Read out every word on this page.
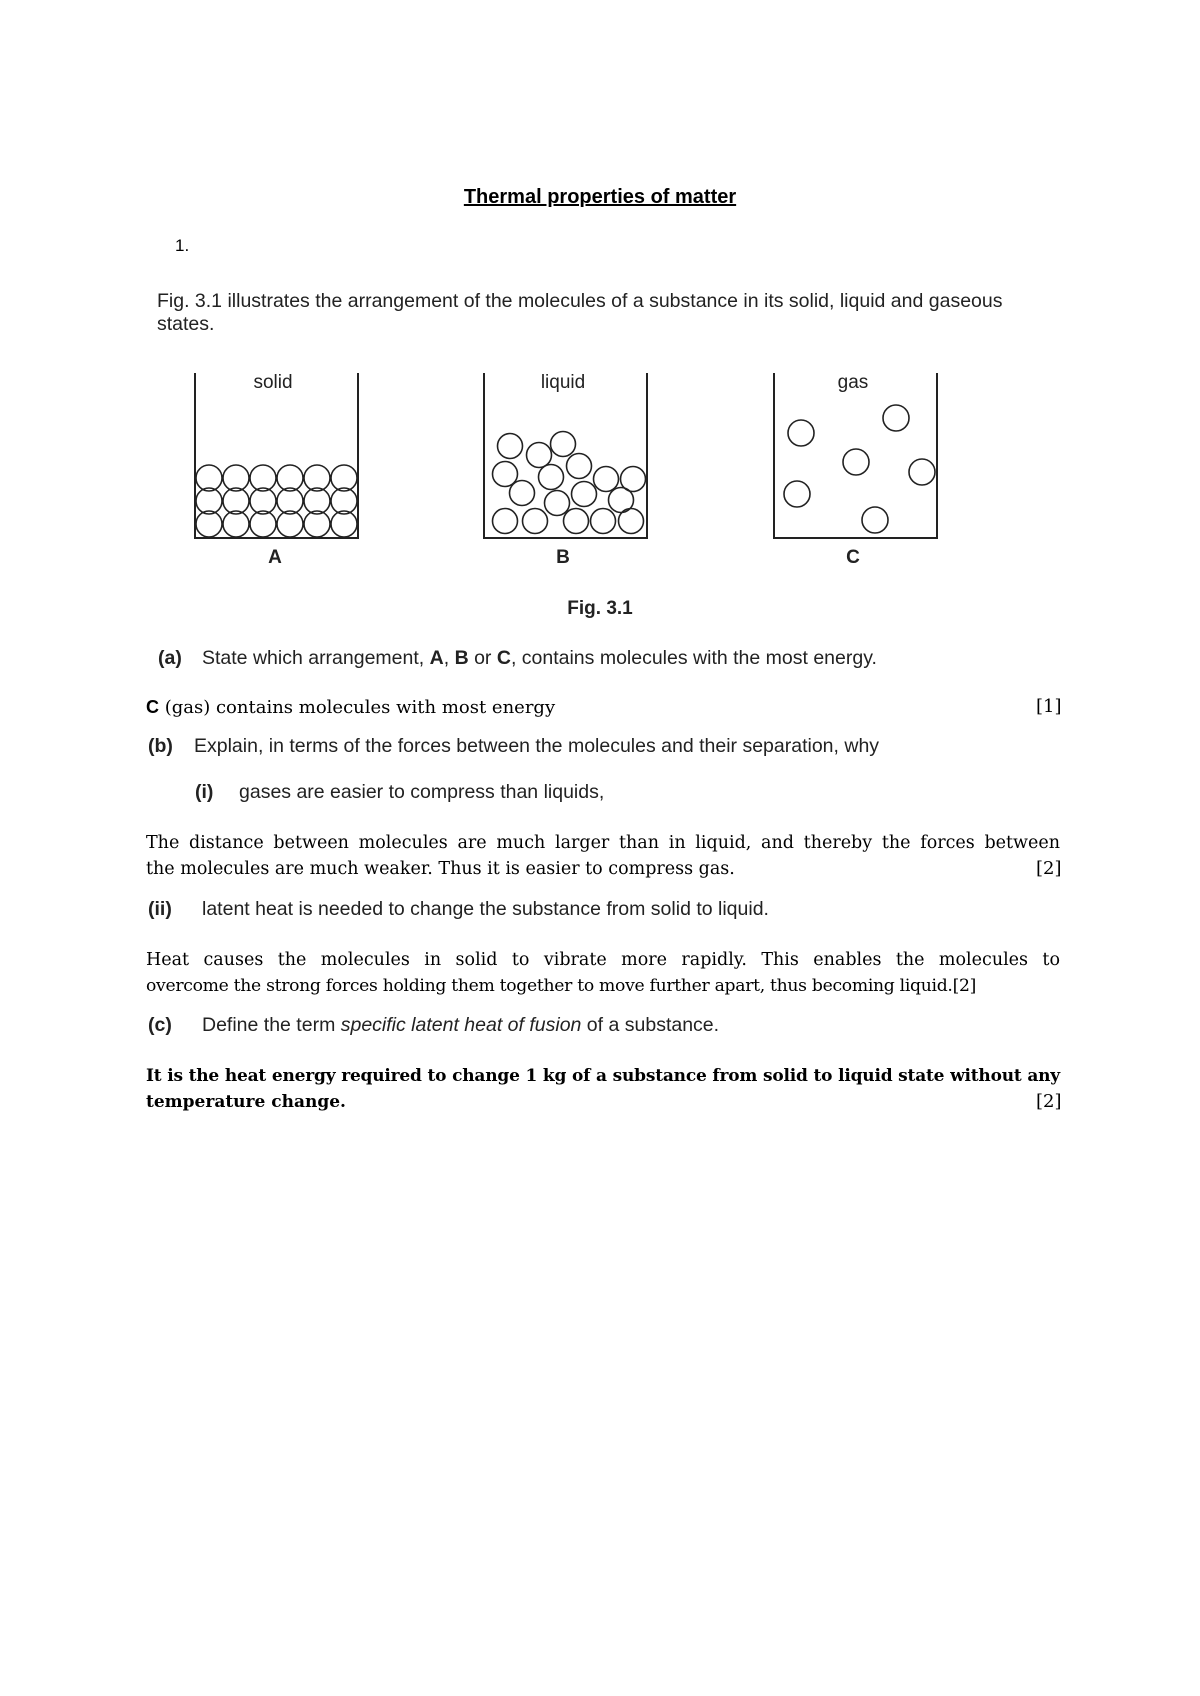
Thermal properties of matter
1.
Fig. 3.1 illustrates the arrangement of the molecules of a substance in its solid, liquid and gaseous states.
solid
A
liquid
B
gas
C
Fig. 3.1
(a) State which arrangement, A, B or C, contains molecules with the most energy.
C (gas) contains molecules with most energy	[1]
(b) Explain, in terms of the forces between the molecules and their separation, why
(i) gases are easier to compress than liquids,
The distance between molecules are much larger than in liquid, and thereby the forces between
the molecules are much weaker. Thus it is easier to compress gas.	[2]
(ii) latent heat is needed to change the substance from solid to liquid.
Heat causes the molecules in solid to vibrate more rapidly. This enables the molecules to
overcome the strong forces holding them together to move further apart, thus becoming liquid.[2]
(c) Define the term specific latent heat of fusion of a substance.
It is the heat energy required to change 1 kg of a substance from solid to liquid state without any
temperature change.	[2]
